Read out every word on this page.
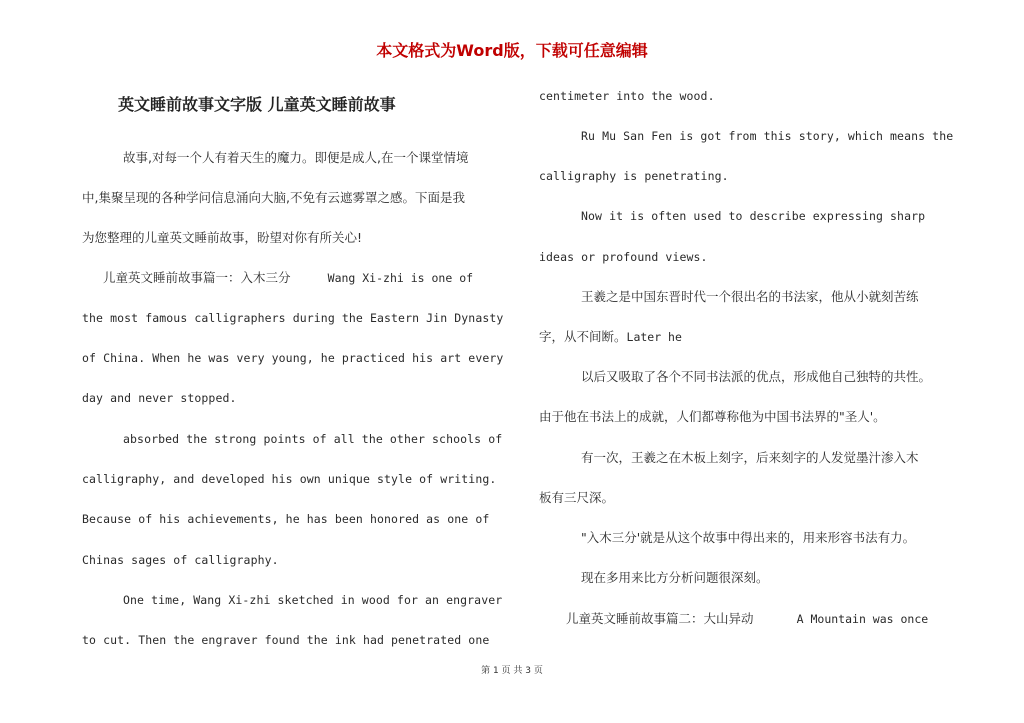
本文格式为Word版，下载可任意编辑
英文睡前故事文字版 儿童英文睡前故事
故事,对每一个人有着天生的魔力。即便是成人,在一个课堂情境
中,集聚呈现的各种学问信息涌向大脑,不免有云遮雾罩之感。下面是我
为您整理的儿童英文睡前故事，盼望对你有所关心!
儿童英文睡前故事篇一：入木三分	Wang Xi-zhi is one of
the most famous calligraphers during the Eastern Jin Dynasty
of China. When he was very young, he practiced his art every
day and never stopped.
absorbed the strong points of all the other schools of
calligraphy, and developed his own unique style of writing.
Because of his achievements, he has been honored as one of
Chinas sages of calligraphy.
One time, Wang Xi-zhi sketched in wood for an engraver
to cut. Then the engraver found the ink had penetrated one
centimeter into the wood.
Ru Mu San Fen is got from this story, which means the
calligraphy is penetrating.
Now it is often used to describe expressing sharp
ideas or profound views.
王羲之是中国东晋时代一个很出名的书法家，他从小就刻苦练
字，从不间断。Later he
以后又吸取了各个不同书法派的优点，形成他自己独特的共性。
由于他在书法上的成就，人们都尊称他为中国书法界的"圣人'。
有一次，王羲之在木板上刻字，后来刻字的人发觉墨汁渗入木
板有三尺深。
"入木三分'就是从这个故事中得出来的，用来形容书法有力。
现在多用来比方分析问题很深刻。
儿童英文睡前故事篇二：大山异动	A Mountain was once
第 1 页 共 3 页
